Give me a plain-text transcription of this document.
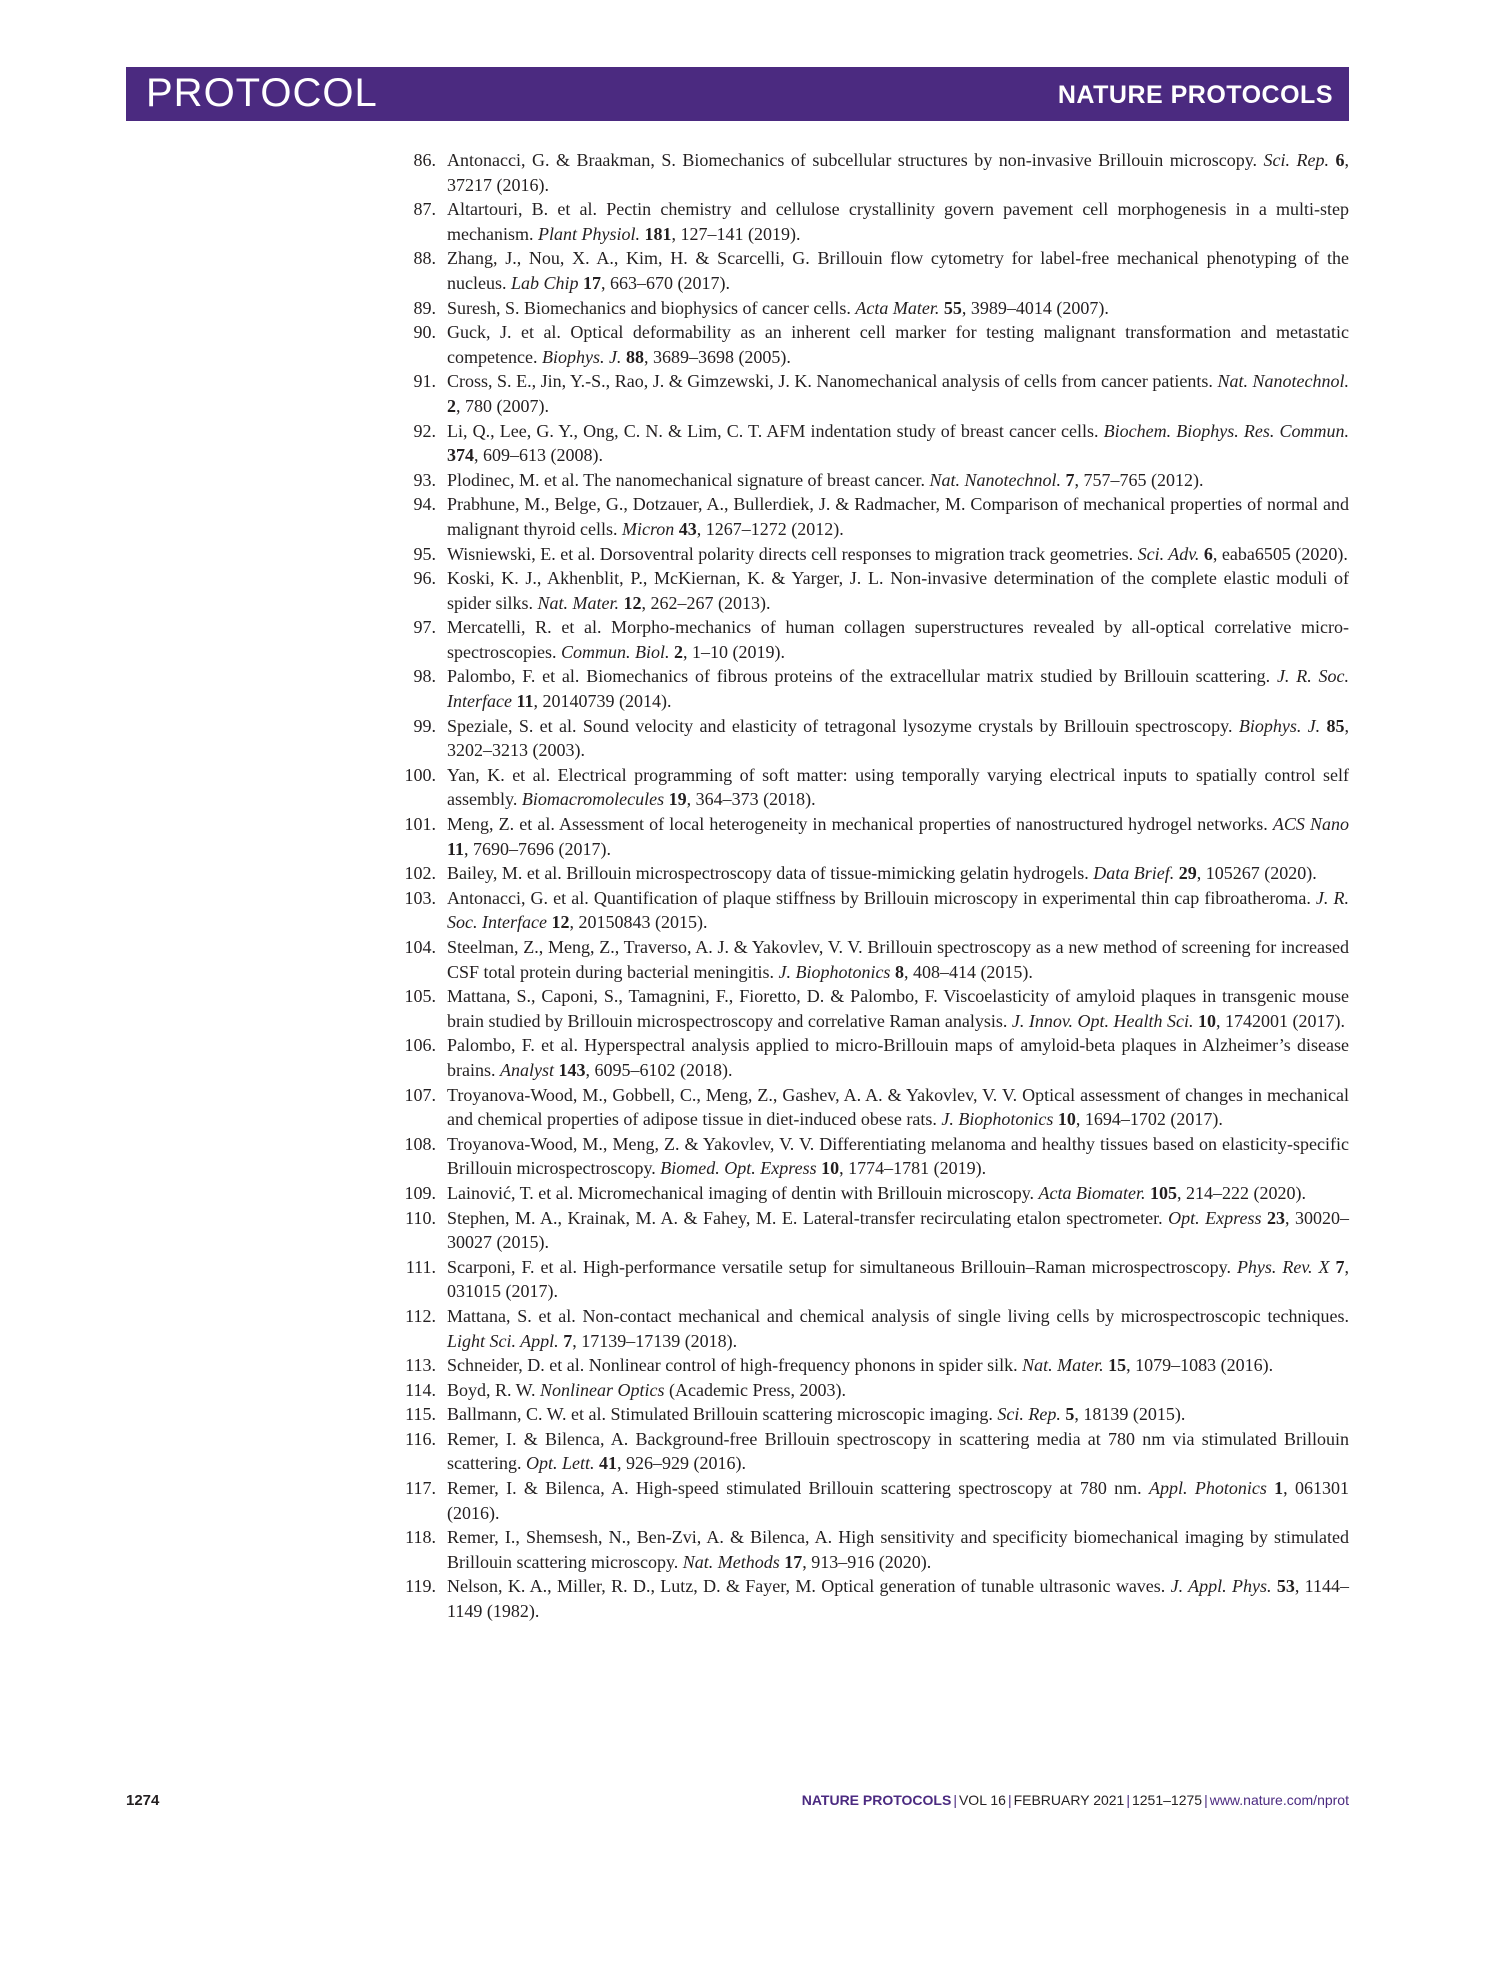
PROTOCOL	NATURE PROTOCOLS
86. Antonacci, G. & Braakman, S. Biomechanics of subcellular structures by non-invasive Brillouin microscopy. Sci. Rep. 6, 37217 (2016).
87. Altartouri, B. et al. Pectin chemistry and cellulose crystallinity govern pavement cell morphogenesis in a multi-step mechanism. Plant Physiol. 181, 127–141 (2019).
88. Zhang, J., Nou, X. A., Kim, H. & Scarcelli, G. Brillouin flow cytometry for label-free mechanical phenotyping of the nucleus. Lab Chip 17, 663–670 (2017).
89. Suresh, S. Biomechanics and biophysics of cancer cells. Acta Mater. 55, 3989–4014 (2007).
90. Guck, J. et al. Optical deformability as an inherent cell marker for testing malignant transformation and metastatic competence. Biophys. J. 88, 3689–3698 (2005).
91. Cross, S. E., Jin, Y.-S., Rao, J. & Gimzewski, J. K. Nanomechanical analysis of cells from cancer patients. Nat. Nanotechnol. 2, 780 (2007).
92. Li, Q., Lee, G. Y., Ong, C. N. & Lim, C. T. AFM indentation study of breast cancer cells. Biochem. Biophys. Res. Commun. 374, 609–613 (2008).
93. Plodinec, M. et al. The nanomechanical signature of breast cancer. Nat. Nanotechnol. 7, 757–765 (2012).
94. Prabhune, M., Belge, G., Dotzauer, A., Bullerdiek, J. & Radmacher, M. Comparison of mechanical properties of normal and malignant thyroid cells. Micron 43, 1267–1272 (2012).
95. Wisniewski, E. et al. Dorsoventral polarity directs cell responses to migration track geometries. Sci. Adv. 6, eaba6505 (2020).
96. Koski, K. J., Akhenblit, P., McKiernan, K. & Yarger, J. L. Non-invasive determination of the complete elastic moduli of spider silks. Nat. Mater. 12, 262–267 (2013).
97. Mercatelli, R. et al. Morpho-mechanics of human collagen superstructures revealed by all-optical correlative micro-spectroscopies. Commun. Biol. 2, 1–10 (2019).
98. Palombo, F. et al. Biomechanics of fibrous proteins of the extracellular matrix studied by Brillouin scattering. J. R. Soc. Interface 11, 20140739 (2014).
99. Speziale, S. et al. Sound velocity and elasticity of tetragonal lysozyme crystals by Brillouin spectroscopy. Biophys. J. 85, 3202–3213 (2003).
100. Yan, K. et al. Electrical programming of soft matter: using temporally varying electrical inputs to spatially control self assembly. Biomacromolecules 19, 364–373 (2018).
101. Meng, Z. et al. Assessment of local heterogeneity in mechanical properties of nanostructured hydrogel networks. ACS Nano 11, 7690–7696 (2017).
102. Bailey, M. et al. Brillouin microspectroscopy data of tissue-mimicking gelatin hydrogels. Data Brief. 29, 105267 (2020).
103. Antonacci, G. et al. Quantification of plaque stiffness by Brillouin microscopy in experimental thin cap fibroatheroma. J. R. Soc. Interface 12, 20150843 (2015).
104. Steelman, Z., Meng, Z., Traverso, A. J. & Yakovlev, V. V. Brillouin spectroscopy as a new method of screening for increased CSF total protein during bacterial meningitis. J. Biophotonics 8, 408–414 (2015).
105. Mattana, S., Caponi, S., Tamagnini, F., Fioretto, D. & Palombo, F. Viscoelasticity of amyloid plaques in transgenic mouse brain studied by Brillouin microspectroscopy and correlative Raman analysis. J. Innov. Opt. Health Sci. 10, 1742001 (2017).
106. Palombo, F. et al. Hyperspectral analysis applied to micro-Brillouin maps of amyloid-beta plaques in Alzheimer’s disease brains. Analyst 143, 6095–6102 (2018).
107. Troyanova-Wood, M., Gobbell, C., Meng, Z., Gashev, A. A. & Yakovlev, V. V. Optical assessment of changes in mechanical and chemical properties of adipose tissue in diet-induced obese rats. J. Biophotonics 10, 1694–1702 (2017).
108. Troyanova-Wood, M., Meng, Z. & Yakovlev, V. V. Differentiating melanoma and healthy tissues based on elasticity-specific Brillouin microspectroscopy. Biomed. Opt. Express 10, 1774–1781 (2019).
109. Lainović, T. et al. Micromechanical imaging of dentin with Brillouin microscopy. Acta Biomater. 105, 214–222 (2020).
110. Stephen, M. A., Krainak, M. A. & Fahey, M. E. Lateral-transfer recirculating etalon spectrometer. Opt. Express 23, 30020–30027 (2015).
111. Scarponi, F. et al. High-performance versatile setup for simultaneous Brillouin–Raman microspectroscopy. Phys. Rev. X 7, 031015 (2017).
112. Mattana, S. et al. Non-contact mechanical and chemical analysis of single living cells by microspectroscopic techniques. Light Sci. Appl. 7, 17139–17139 (2018).
113. Schneider, D. et al. Nonlinear control of high-frequency phonons in spider silk. Nat. Mater. 15, 1079–1083 (2016).
114. Boyd, R. W. Nonlinear Optics (Academic Press, 2003).
115. Ballmann, C. W. et al. Stimulated Brillouin scattering microscopic imaging. Sci. Rep. 5, 18139 (2015).
116. Remer, I. & Bilenca, A. Background-free Brillouin spectroscopy in scattering media at 780 nm via stimulated Brillouin scattering. Opt. Lett. 41, 926–929 (2016).
117. Remer, I. & Bilenca, A. High-speed stimulated Brillouin scattering spectroscopy at 780 nm. Appl. Photonics 1, 061301 (2016).
118. Remer, I., Shemsesh, N., Ben-Zvi, A. & Bilenca, A. High sensitivity and specificity biomechanical imaging by stimulated Brillouin scattering microscopy. Nat. Methods 17, 913–916 (2020).
119. Nelson, K. A., Miller, R. D., Lutz, D. & Fayer, M. Optical generation of tunable ultrasonic waves. J. Appl. Phys. 53, 1144–1149 (1982).
1274	NATURE PROTOCOLS | VOL 16 | FEBRUARY 2021 | 1251–1275 | www.nature.com/nprot
